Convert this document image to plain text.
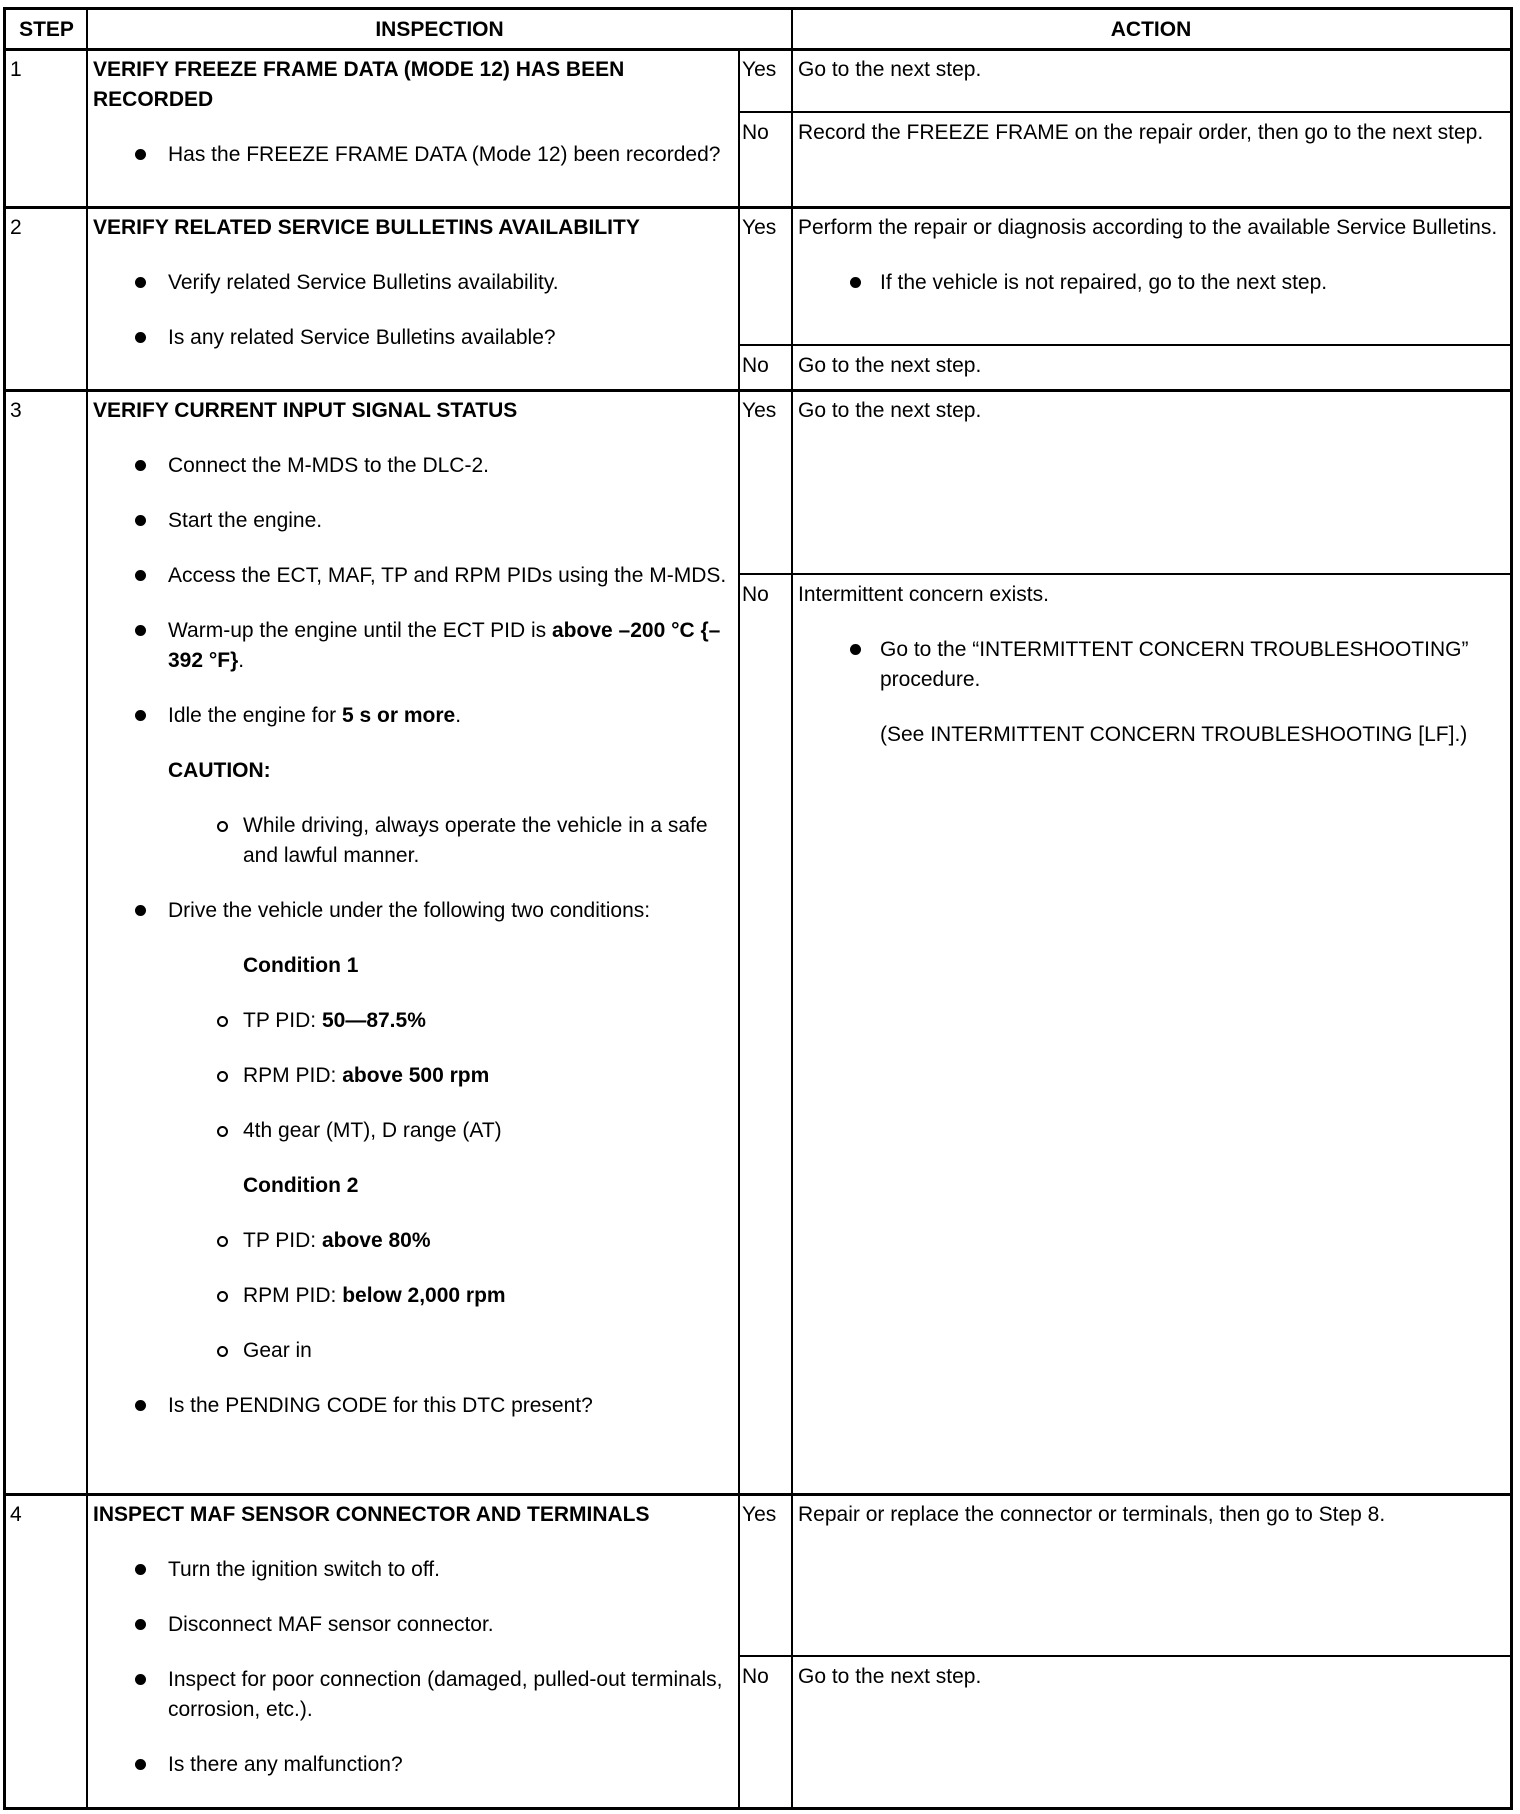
STEP	INSPECTION	ACTION
1	VERIFY FREEZE FRAME DATA (MODE 12) HAS BEEN RECORDED
Has the FREEZE FRAME DATA (Mode 12) been recorded?
Yes	Go to the next step.
No	Record the FREEZE FRAME on the repair order, then go to the next step.
2	VERIFY RELATED SERVICE BULLETINS AVAILABILITY
Verify related Service Bulletins availability.
Is any related Service Bulletins available?
Yes	Perform the repair or diagnosis according to the available Service Bulletins.
If the vehicle is not repaired, go to the next step.
No	Go to the next step.
3	VERIFY CURRENT INPUT SIGNAL STATUS
Connect the M-MDS to the DLC-2.
Start the engine.
Access the ECT, MAF, TP and RPM PIDs using the M-MDS.
Warm-up the engine until the ECT PID is above –200 °C {–392 °F}.
Idle the engine for 5 s or more.
CAUTION:
While driving, always operate the vehicle in a safe and lawful manner.
Drive the vehicle under the following two conditions:
Condition 1
TP PID: 50—87.5%
RPM PID: above 500 rpm
4th gear (MT), D range (AT)
Condition 2
TP PID: above 80%
RPM PID: below 2,000 rpm
Gear in
Is the PENDING CODE for this DTC present?
Yes	Go to the next step.
No	Intermittent concern exists.
Go to the “INTERMITTENT CONCERN TROUBLESHOOTING” procedure.
(See INTERMITTENT CONCERN TROUBLESHOOTING [LF].)
4	INSPECT MAF SENSOR CONNECTOR AND TERMINALS
Turn the ignition switch to off.
Disconnect MAF sensor connector.
Inspect for poor connection (damaged, pulled-out terminals, corrosion, etc.).
Is there any malfunction?
Yes	Repair or replace the connector or terminals, then go to Step 8.
No	Go to the next step.
